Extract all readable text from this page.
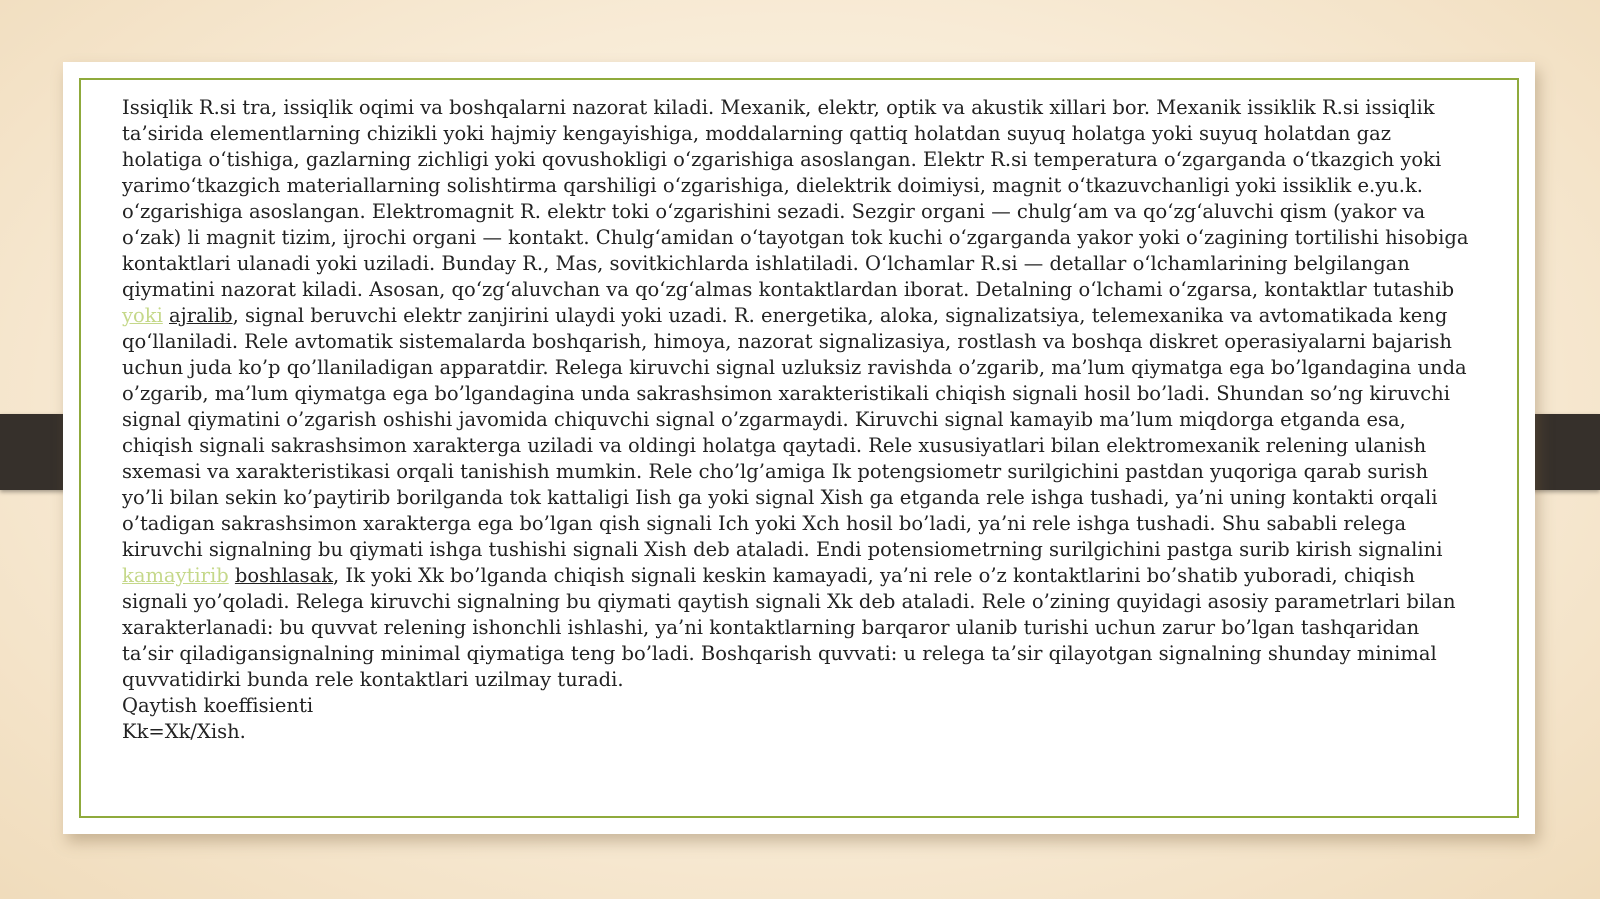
Issiqlik R.si tra, issiqlik oqimi va boshqalarni nazorat kiladi. Mexanik, elektr, optik va akustik xillari bor. Mexanik issiklik R.si issiqlik ta’sirida elementlarning chizikli yoki hajmiy kengayishiga, moddalarning qattiq holatdan suyuq holatga yoki suyuq holatdan gaz holatiga oʻtishiga, gazlarning zichligi yoki qovushokligi oʻzgarishiga asoslangan. Elektr R.si temperatura oʻzgarganda oʻtkazgich yoki yarimoʻtkazgich materiallarning solishtirma qarshiligi oʻzgarishiga, dielektrik doimiysi, magnit oʻtkazuvchanligi yoki issiklik e.yu.k. oʻzgarishiga asoslangan. Elektromagnit R. elektr toki oʻzgarishini sezadi. Sezgir organi — chulgʻam va qoʻzgʻaluvchi qism (yakor va oʻzak) li magnit tizim, ijrochi organi — kontakt. Chulgʻamidan oʻtayotgan tok kuchi oʻzgarganda yakor yoki oʻzagining tortilishi hisobiga kontaktlari ulanadi yoki uziladi. Bunday R., Mas, sovitkichlarda ishlatiladi. Oʻlchamlar R.si — detallar oʻlchamlarining belgilangan qiymatini nazorat kiladi. Asosan, qoʻzgʻaluvchan va qoʻzgʻalmas kontaktlardan iborat. Detalning oʻlchami oʻzgarsa, kontaktlar tutashib yoki ajralib, signal beruvchi elektr zanjirini ulaydi yoki uzadi. R. energetika, aloka, signalizatsiya, telemexanika va avtomatikada keng qoʻllaniladi. Rele avtomatik sistemalarda boshqarish, himoya, nazorat signalizasiya, rostlash va boshqa diskret operasiyalarni bajarish uchun juda ko’p qo’llaniladigan apparatdir. Relega kiruvchi signal uzluksiz ravishda o’zgarib, ma’lum qiymatga ega bo’lgandagina unda o’zgarib, ma’lum qiymatga ega bo’lgandagina unda sakrashsimon xarakteristikali chiqish signali hosil bo’ladi. Shundan so’ng kiruvchi signal qiymatini o’zgarish oshishi javomida chiquvchi signal o’zgarmaydi. Kiruvchi signal kamayib ma’lum miqdorga etganda esa, chiqish signali sakrashsimon xarakterga uziladi va oldingi holatga qaytadi. Rele xususiyatlari bilan elektromexanik relening ulanish sxemasi va xarakteristikasi orqali tanishish mumkin. Rele cho’lg’amiga Ik potengsiometr surilgichini pastdan yuqoriga qarab surish yo’li bilan sekin ko’paytirib borilganda tok kattaligi Iish ga yoki signal Xish ga etganda rele ishga tushadi, ya’ni uning kontakti orqali o’tadigan sakrashsimon xarakterga ega bo’lgan qish signali Ich yoki Xch hosil bo’ladi, ya’ni rele ishga tushadi. Shu sababli relega kiruvchi signalning bu qiymati ishga tushishi signali Xish deb ataladi. Endi potensiometrning surilgichini pastga surib kirish signalini kamaytirib boshlasak, Ik yoki Xk bo’lganda chiqish signali keskin kamayadi, ya’ni rele o’z kontaktlarini bo’shatib yuboradi, chiqish signali yo’qoladi. Relega kiruvchi signalning bu qiymati qaytish signali Xk deb ataladi. Rele o’zining quyidagi asosiy parametrlari bilan xarakterlanadi: bu quvvat relening ishonchli ishlashi, ya’ni kontaktlarning barqaror ulanib turishi uchun zarur bo’lgan tashqaridan ta’sir qiladigansignalning minimal qiymatiga teng bo’ladi. Boshqarish quvvati: u relega ta’sir qilayotgan signalning shunday minimal quvvatidirki bunda rele kontaktlari uzilmay turadi.

Qaytish koeffisienti

Kk=Xk/Xish.
